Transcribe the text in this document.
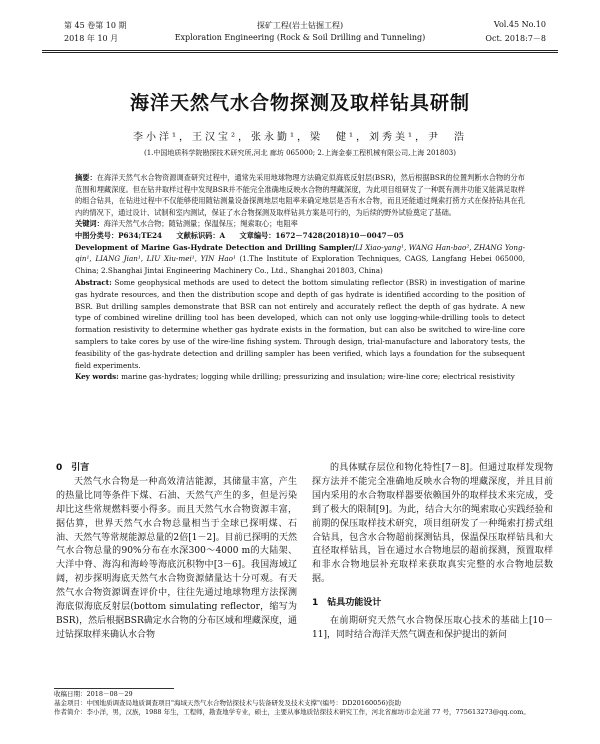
第 45 卷第 10 期
2018 年 10 月
探矿工程(岩土钻掘工程)
Exploration Engineering (Rock & Soil Drilling and Tunneling)
Vol.45 No.10
Oct. 2018:7－8
海洋天然气水合物探测及取样钻具研制
李小洋¹，王汉宝²，张永勤¹，梁　健¹，刘秀美¹，尹　浩
(1.中国地质科学院勘探技术研究所,河北 廊坊 065000; 2.上海金泰工程机械有限公司,上海 201803)

摘要：在海洋天然气水合物资源调查研究过程中，通常先采用地球物理方法确定似海底反射层(BSR)，然后根据BSR的位置判断水合物的分布范围和埋藏深度。但在钻井取样过程中发现BSR并不能完全准确地反映水合物的埋藏深度，为此项目组研发了一种既有测井功能又能满足取样的组合钻具，在钻进过程中不仅能够使用随钻测量设备探测地层电阻率来确定地层是否有水合物，而且还能通过绳索打捞方式在保持钻具在孔内的情况下，通过设计、试制和室内测试，保证了水合物探测及取样钻具方案是可行的，为后续的野外试验奠定了基础。

关键词：海洋天然气水合物；随钻测量；保温保压；绳索取心；电阻率

中图分类号：P634;TE24   文献标识码：A   文章编号：1672－7428(2018)10－0047－05

Development of Marine Gas-Hydrate Detection and Drilling Sampler/LI Xiao-yang¹, WANG Han-bao², ZHANG Yong-qin¹, LIANG Jian¹, LIU Xiu-mei¹, YIN Hao¹ (1.The Institute of Exploration Techniques, CAGS, Langfang Hebei 065000, China; 2.Shanghai Jintai Engineering Machinery Co., Ltd., Shanghai 201803, China)

Abstract: Some geophysical methods are used to detect the bottom simulating reflector (BSR) in investigation of marine gas hydrate resources, and then the distribution scope and depth of gas hydrate is identified according to the position of BSR. But drilling samples demonstrate that BSR can not entirely and accurately reflect the depth of gas hydrate. A new type of combined wireline drilling tool has been developed, which can not only use logging-while-drilling tools to detect formation resistivity to determine whether gas hydrate exists in the formation, but can also be switched to wire-line core samplers to take cores by use of the wire-line fishing system. Through design, trial-manufacture and laboratory tests, the feasibility of the gas-hydrate detection and drilling sampler has been verified, which lays a foundation for the subsequent field experiments.

Key words: marine gas-hydrates; logging while drilling; pressurizing and insulation; wire-line core; electrical resistivity

0　引言

天然气水合物是一种高效清洁能源，其储量丰富，产生的热量比同等条件下煤、石油、天然气产生的多，但是污染却比这些常规燃料要小得多。而且天然气水合物资源丰富，据估算，世界天然气水合物总量相当于全球已探明煤、石油、天然气等常规能源总量的2倍[1－2]。目前已探明的天然气水合物总量的90%分布在水深300～4000 m的大陆架、大洋中脊、海沟和海岭等海底沉积物中[3－6]。我国海域辽阔，初步探明海底天然气水合物资源储量达十分可观。有天然气水合物资源调查评价中，往往先通过地球物理方法探测海底似海底反射层(bottom simulating reflector，缩写为BSR)，然后根据BSR确定水合物的分布区域和埋藏深度，通过钻探取样来确认水合物

的具体赋存层位和物化特性[7－8]。但通过取样发现物探方法并不能完全准确地反映水合物的埋藏深度，并且目前国内采用的水合物取样器要依赖国外的取样技术来完成，受到了极大的限制[9]。为此，结合大尔的绳索取心实践经验和前期的保压取样技术研究，项目组研发了一种绳索打捞式组合钻具，包含水合物超前探测钻具，保温保压取样钻具和大直径取样钻具，旨在通过水合物地层的超前探测，预置取样和非水合物地层补充取样来获取真实完整的水合物地层数据。

1　钻具功能设计

在前期研究天然气水合物保压取心技术的基础上[10－11]，同时结合海洋天然气调查和保护提出的新问

收稿日期：2018－08－29
基金项目：中国地质调查局地质调查项目"海域天然气水合物钻探技术与装备研发及技术支撑"(编号：DD20160056)资助
作者简介：李小洋，男，汉族，1988 年生，工程师，勘查地学专业，硕士，主要从事地质钻探技术研究工作，河北省廊坊市金光道 77 号，775613273@qq.com。
